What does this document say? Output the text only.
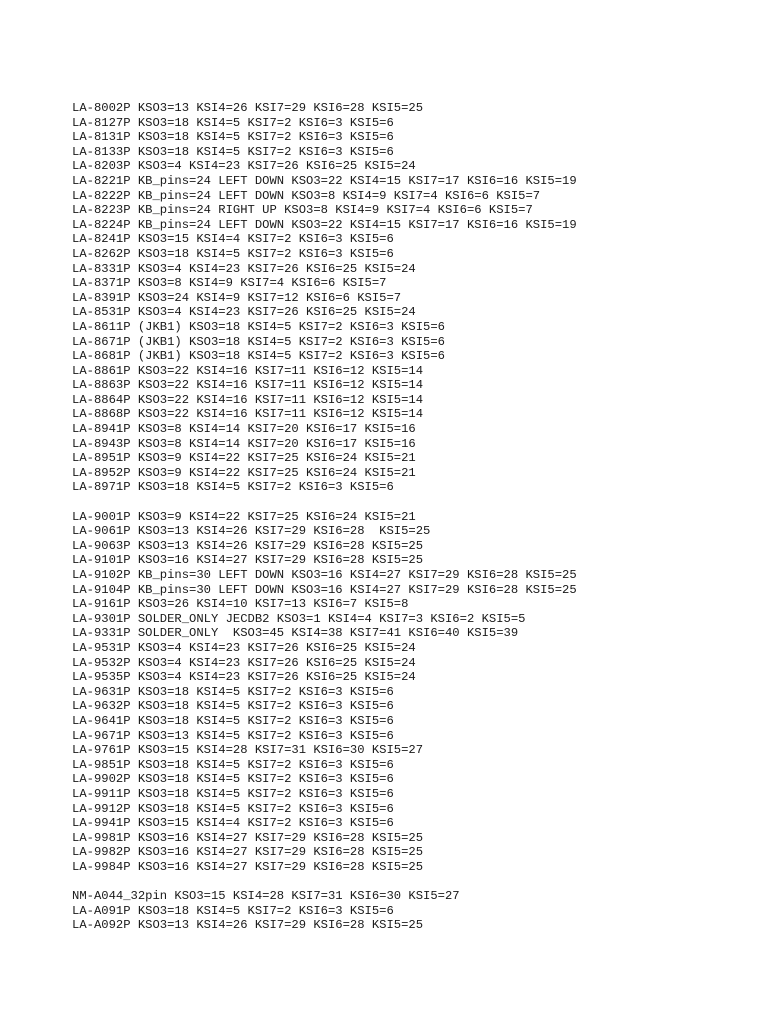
LA-8002P KSO3=13 KSI4=26 KSI7=29 KSI6=28 KSI5=25
LA-8127P KSO3=18 KSI4=5 KSI7=2 KSI6=3 KSI5=6
LA-8131P KSO3=18 KSI4=5 KSI7=2 KSI6=3 KSI5=6
LA-8133P KSO3=18 KSI4=5 KSI7=2 KSI6=3 KSI5=6
LA-8203P KSO3=4 KSI4=23 KSI7=26 KSI6=25 KSI5=24
LA-8221P KB_pins=24 LEFT DOWN KSO3=22 KSI4=15 KSI7=17 KSI6=16 KSI5=19
LA-8222P KB_pins=24 LEFT DOWN KSO3=8 KSI4=9 KSI7=4 KSI6=6 KSI5=7
LA-8223P KB_pins=24 RIGHT UP KSO3=8 KSI4=9 KSI7=4 KSI6=6 KSI5=7
LA-8224P KB_pins=24 LEFT DOWN KSO3=22 KSI4=15 KSI7=17 KSI6=16 KSI5=19
LA-8241P KSO3=15 KSI4=4 KSI7=2 KSI6=3 KSI5=6
LA-8262P KSO3=18 KSI4=5 KSI7=2 KSI6=3 KSI5=6
LA-8331P KSO3=4 KSI4=23 KSI7=26 KSI6=25 KSI5=24
LA-8371P KSO3=8 KSI4=9 KSI7=4 KSI6=6 KSI5=7
LA-8391P KSO3=24 KSI4=9 KSI7=12 KSI6=6 KSI5=7
LA-8531P KSO3=4 KSI4=23 KSI7=26 KSI6=25 KSI5=24
LA-8611P (JKB1) KSO3=18 KSI4=5 KSI7=2 KSI6=3 KSI5=6
LA-8671P (JKB1) KSO3=18 KSI4=5 KSI7=2 KSI6=3 KSI5=6
LA-8681P (JKB1) KSO3=18 KSI4=5 KSI7=2 KSI6=3 KSI5=6
LA-8861P KSO3=22 KSI4=16 KSI7=11 KSI6=12 KSI5=14
LA-8863P KSO3=22 KSI4=16 KSI7=11 KSI6=12 KSI5=14
LA-8864P KSO3=22 KSI4=16 KSI7=11 KSI6=12 KSI5=14
LA-8868P KSO3=22 KSI4=16 KSI7=11 KSI6=12 KSI5=14
LA-8941P KSO3=8 KSI4=14 KSI7=20 KSI6=17 KSI5=16
LA-8943P KSO3=8 KSI4=14 KSI7=20 KSI6=17 KSI5=16
LA-8951P KSO3=9 KSI4=22 KSI7=25 KSI6=24 KSI5=21
LA-8952P KSO3=9 KSI4=22 KSI7=25 KSI6=24 KSI5=21
LA-8971P KSO3=18 KSI4=5 KSI7=2 KSI6=3 KSI5=6
LA-9001P KSO3=9 KSI4=22 KSI7=25 KSI6=24 KSI5=21
LA-9061P KSO3=13 KSI4=26 KSI7=29 KSI6=28  KSI5=25
LA-9063P KSO3=13 KSI4=26 KSI7=29 KSI6=28 KSI5=25
LA-9101P KSO3=16 KSI4=27 KSI7=29 KSI6=28 KSI5=25
LA-9102P KB_pins=30 LEFT DOWN KSO3=16 KSI4=27 KSI7=29 KSI6=28 KSI5=25
LA-9104P KB_pins=30 LEFT DOWN KSO3=16 KSI4=27 KSI7=29 KSI6=28 KSI5=25
LA-9161P KSO3=26 KSI4=10 KSI7=13 KSI6=7 KSI5=8
LA-9301P SOLDER_ONLY JECDB2 KSO3=1 KSI4=4 KSI7=3 KSI6=2 KSI5=5
LA-9331P SOLDER_ONLY  KSO3=45 KSI4=38 KSI7=41 KSI6=40 KSI5=39
LA-9531P KSO3=4 KSI4=23 KSI7=26 KSI6=25 KSI5=24
LA-9532P KSO3=4 KSI4=23 KSI7=26 KSI6=25 KSI5=24
LA-9535P KSO3=4 KSI4=23 KSI7=26 KSI6=25 KSI5=24
LA-9631P KSO3=18 KSI4=5 KSI7=2 KSI6=3 KSI5=6
LA-9632P KSO3=18 KSI4=5 KSI7=2 KSI6=3 KSI5=6
LA-9641P KSO3=18 KSI4=5 KSI7=2 KSI6=3 KSI5=6
LA-9671P KSO3=13 KSI4=5 KSI7=2 KSI6=3 KSI5=6
LA-9761P KSO3=15 KSI4=28 KSI7=31 KSI6=30 KSI5=27
LA-9851P KSO3=18 KSI4=5 KSI7=2 KSI6=3 KSI5=6
LA-9902P KSO3=18 KSI4=5 KSI7=2 KSI6=3 KSI5=6
LA-9911P KSO3=18 KSI4=5 KSI7=2 KSI6=3 KSI5=6
LA-9912P KSO3=18 KSI4=5 KSI7=2 KSI6=3 KSI5=6
LA-9941P KSO3=15 KSI4=4 KSI7=2 KSI6=3 KSI5=6
LA-9981P KSO3=16 KSI4=27 KSI7=29 KSI6=28 KSI5=25
LA-9982P KSO3=16 KSI4=27 KSI7=29 KSI6=28 KSI5=25
LA-9984P KSO3=16 KSI4=27 KSI7=29 KSI6=28 KSI5=25
NM-A044_32pin KSO3=15 KSI4=28 KSI7=31 KSI6=30 KSI5=27
LA-A091P KSO3=18 KSI4=5 KSI7=2 KSI6=3 KSI5=6
LA-A092P KSO3=13 KSI4=26 KSI7=29 KSI6=28 KSI5=25
